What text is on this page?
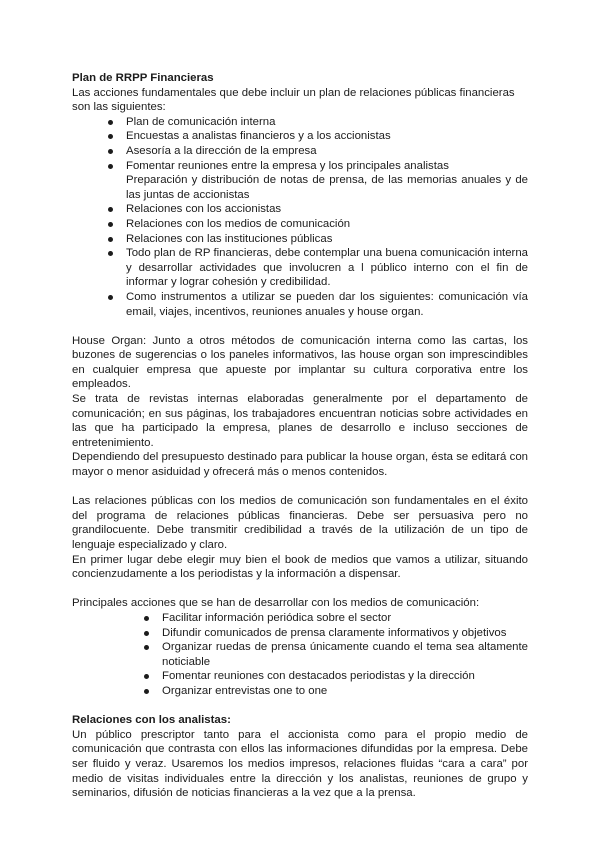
Plan de RRPP Financieras

Las acciones fundamentales que debe incluir un plan de relaciones públicas financieras son las siguientes:

Plan de comunicación interna
Encuestas a analistas financieros y a los accionistas
Asesoría a la dirección de la empresa
Fomentar reuniones entre la empresa y los principales analistas

Preparación y distribución de notas de prensa, de las memorias anuales y de las juntas de accionistas

Relaciones con los accionistas
Relaciones con los medios de comunicación
Relaciones con las instituciones públicas
Todo plan de RP financieras, debe contemplar una buena comunicación interna y desarrollar actividades que involucren a l público interno con el fin de informar y lograr cohesión y credibilidad.
Como instrumentos a utilizar se pueden dar los siguientes: comunicación vía email, viajes, incentivos, reuniones anuales y house organ.

House Organ: Junto a otros métodos de comunicación interna como las cartas, los buzones de sugerencias o los paneles informativos, las house organ son imprescindibles en cualquier empresa que apueste por implantar su cultura corporativa entre los empleados.

Se trata de revistas internas elaboradas generalmente por el departamento de comunicación; en sus páginas, los trabajadores encuentran noticias sobre actividades en las que ha participado la empresa, planes de desarrollo e incluso secciones de entretenimiento.

Dependiendo del presupuesto destinado para publicar la house organ, ésta se editará con mayor o menor asiduidad y ofrecerá más o menos contenidos.

Las relaciones públicas con los medios de comunicación son fundamentales en el éxito del programa de relaciones públicas financieras. Debe ser persuasiva pero no grandilocuente. Debe transmitir credibilidad a través de la utilización de un tipo de lenguaje especializado y claro.

En primer lugar debe elegir muy bien el book de medios que vamos a utilizar, situando concienzudamente a los periodistas y la información a dispensar.

Principales acciones que se han de desarrollar con los medios de comunicación:

Facilitar información periódica sobre el sector
Difundir comunicados de prensa claramente informativos y objetivos
Organizar ruedas de prensa únicamente cuando el tema sea altamente noticiable
Fomentar reuniones con destacados periodistas y la dirección
Organizar entrevistas one to one

Relaciones con los analistas:

Un público prescriptor tanto para el accionista como para el propio medio de comunicación que contrasta con ellos las informaciones difundidas por la empresa. Debe ser fluido y veraz. Usaremos los medios impresos, relaciones fluidas “cara a cara” por medio de visitas individuales entre la dirección y los analistas, reuniones de grupo y seminarios, difusión de noticias financieras a la vez que a la prensa.
